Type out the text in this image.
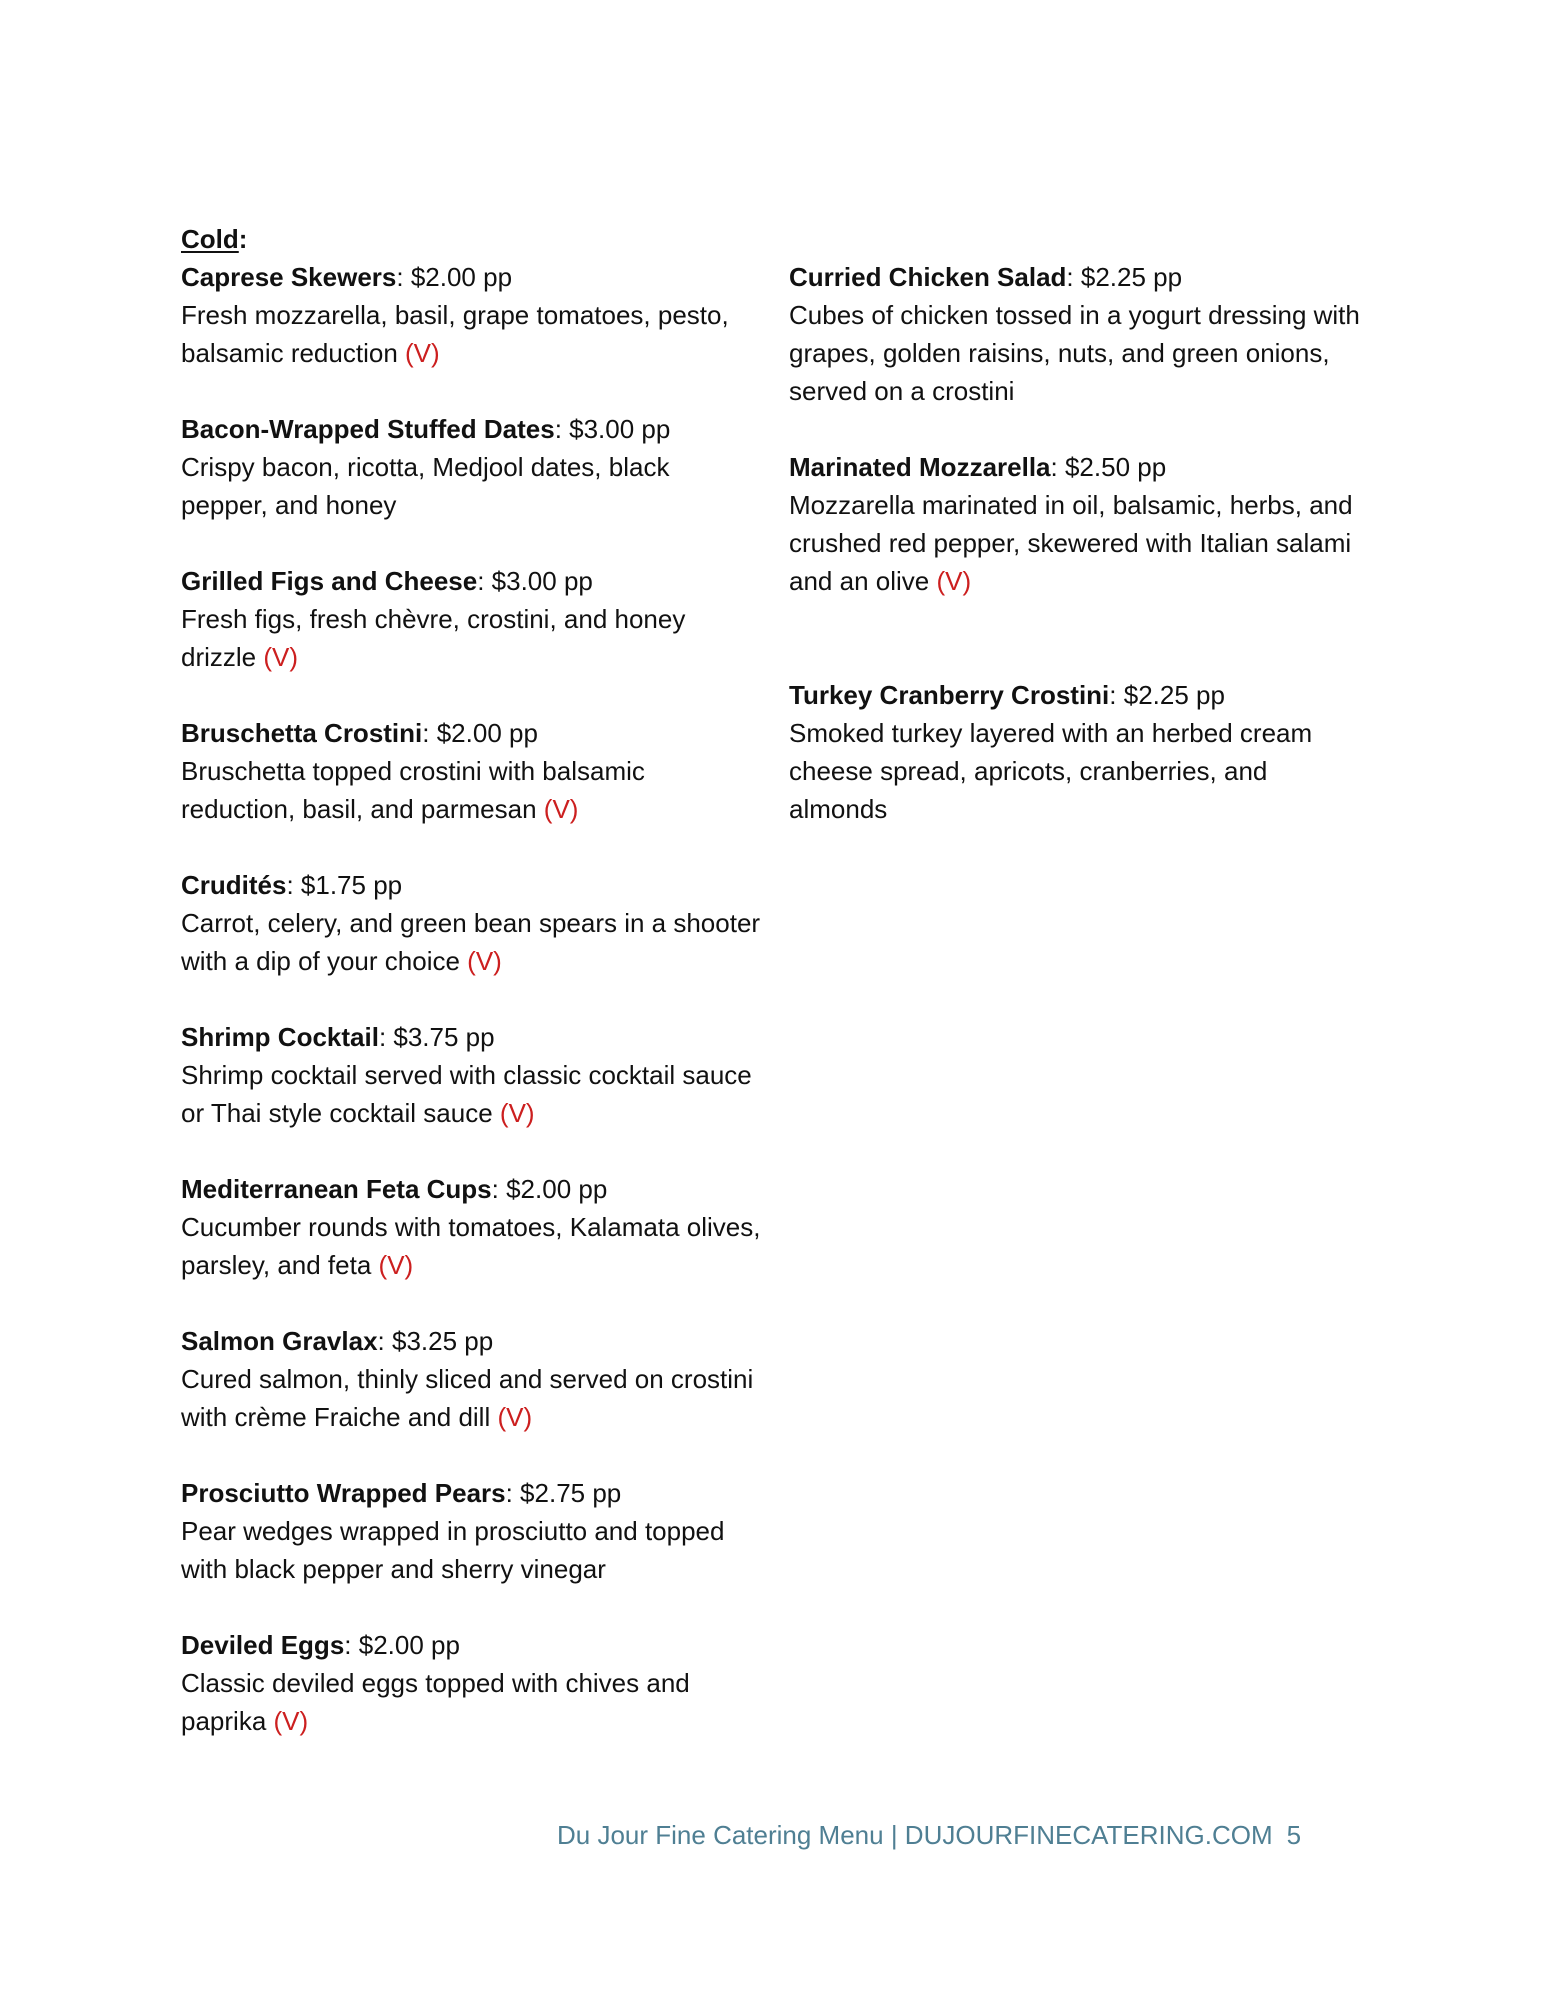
Cold:

Caprese Skewers: $2.00 pp

Fresh mozzarella, basil, grape tomatoes, pesto, balsamic reduction (V)

Bacon-Wrapped Stuffed Dates: $3.00 pp

Crispy bacon, ricotta, Medjool dates, black pepper, and honey

Grilled Figs and Cheese: $3.00 pp

Fresh figs, fresh chèvre, crostini, and honey drizzle (V)

Bruschetta Crostini: $2.00 pp

Bruschetta topped crostini with balsamic reduction, basil, and parmesan (V)

Crudités: $1.75 pp

Carrot, celery, and green bean spears in a shooter with a dip of your choice (V)

Shrimp Cocktail: $3.75 pp

Shrimp cocktail served with classic cocktail sauce or Thai style cocktail sauce (V)

Mediterranean Feta Cups: $2.00 pp

Cucumber rounds with tomatoes, Kalamata olives, parsley, and feta (V)

Salmon Gravlax: $3.25 pp

Cured salmon, thinly sliced and served on crostini with crème Fraiche and dill (V)

Prosciutto Wrapped Pears: $2.75 pp

Pear wedges wrapped in prosciutto and topped with black pepper and sherry vinegar

Deviled Eggs: $2.00 pp

Classic deviled eggs topped with chives and paprika (V)

Curried Chicken Salad: $2.25 pp

Cubes of chicken tossed in a yogurt dressing with grapes, golden raisins, nuts, and green onions, served on a crostini

Marinated Mozzarella: $2.50 pp

Mozzarella marinated in oil, balsamic, herbs, and crushed red pepper, skewered with Italian salami and an olive (V)

Turkey Cranberry Crostini: $2.25 pp

Smoked turkey layered with an herbed cream cheese spread, apricots, cranberries, and almonds

Du Jour Fine Catering Menu | DUJOURFINECATERING.COM 5
